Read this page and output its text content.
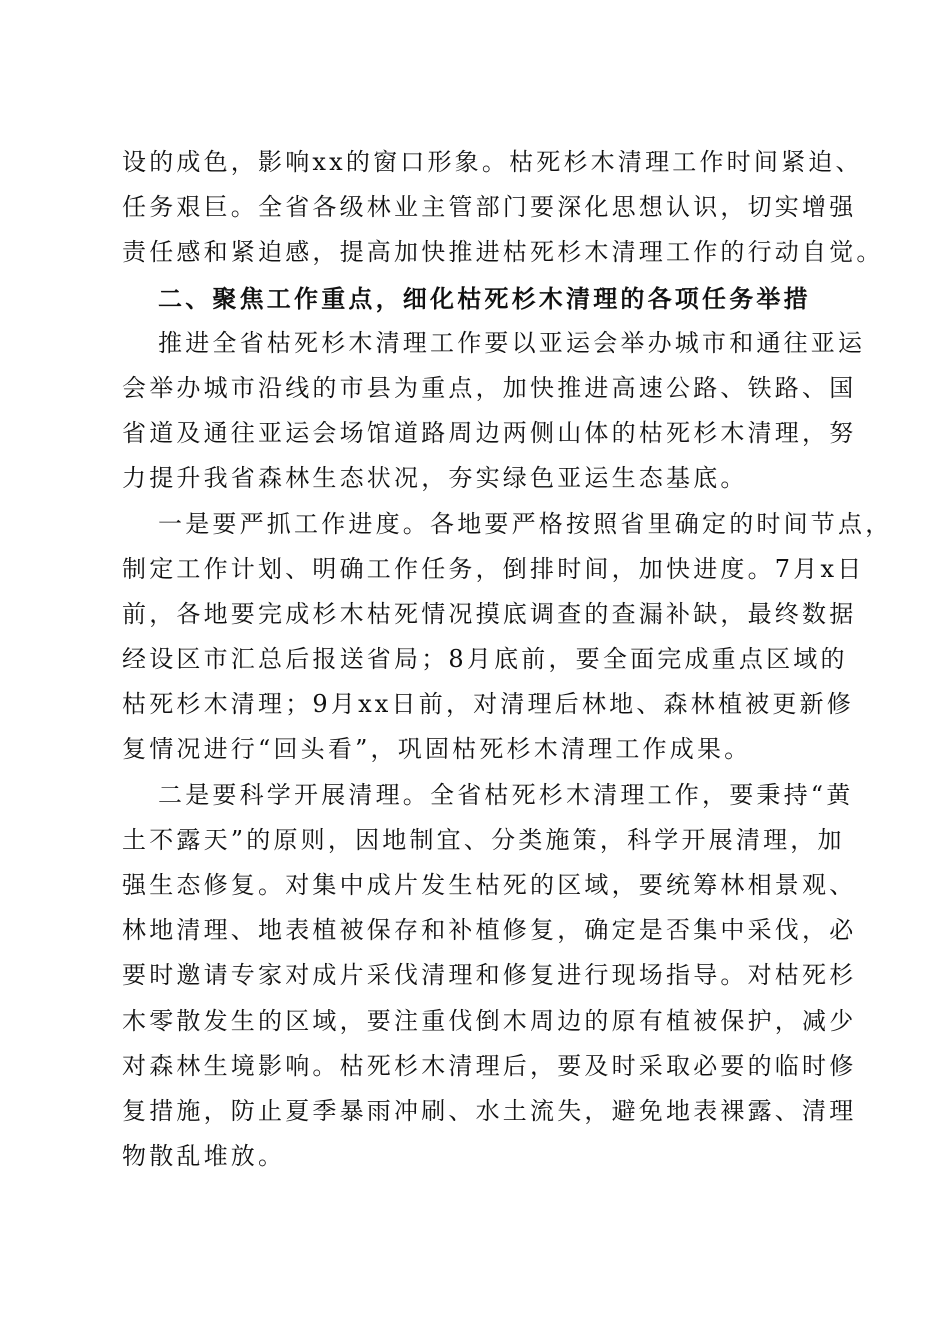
设的成色，影响xx的窗口形象。枯死杉木清理工作时间紧迫、
任务艰巨。全省各级林业主管部门要深化思想认识，切实增强
责任感和紧迫感，提高加快推进枯死杉木清理工作的行动自觉。
二、聚焦工作重点，细化枯死杉木清理的各项任务举措
推进全省枯死杉木清理工作要以亚运会举办城市和通往亚运
会举办城市沿线的市县为重点，加快推进高速公路、铁路、国
省道及通往亚运会场馆道路周边两侧山体的枯死杉木清理，努
力提升我省森林生态状况，夯实绿色亚运生态基底。
一是要严抓工作进度。各地要严格按照省里确定的时间节点，
制定工作计划、明确工作任务，倒排时间，加快进度。7月x日
前，各地要完成杉木枯死情况摸底调查的查漏补缺，最终数据
经设区市汇总后报送省局；8月底前，要全面完成重点区域的
枯死杉木清理；9月xx日前，对清理后林地、森林植被更新修
复情况进行“回头看”，巩固枯死杉木清理工作成果。
二是要科学开展清理。全省枯死杉木清理工作，要秉持“黄
土不露天”的原则，因地制宜、分类施策，科学开展清理，加
强生态修复。对集中成片发生枯死的区域，要统筹林相景观、
林地清理、地表植被保存和补植修复，确定是否集中采伐，必
要时邀请专家对成片采伐清理和修复进行现场指导。对枯死杉
木零散发生的区域，要注重伐倒木周边的原有植被保护，减少
对森林生境影响。枯死杉木清理后，要及时采取必要的临时修
复措施，防止夏季暴雨冲刷、水土流失，避免地表裸露、清理
物散乱堆放。
